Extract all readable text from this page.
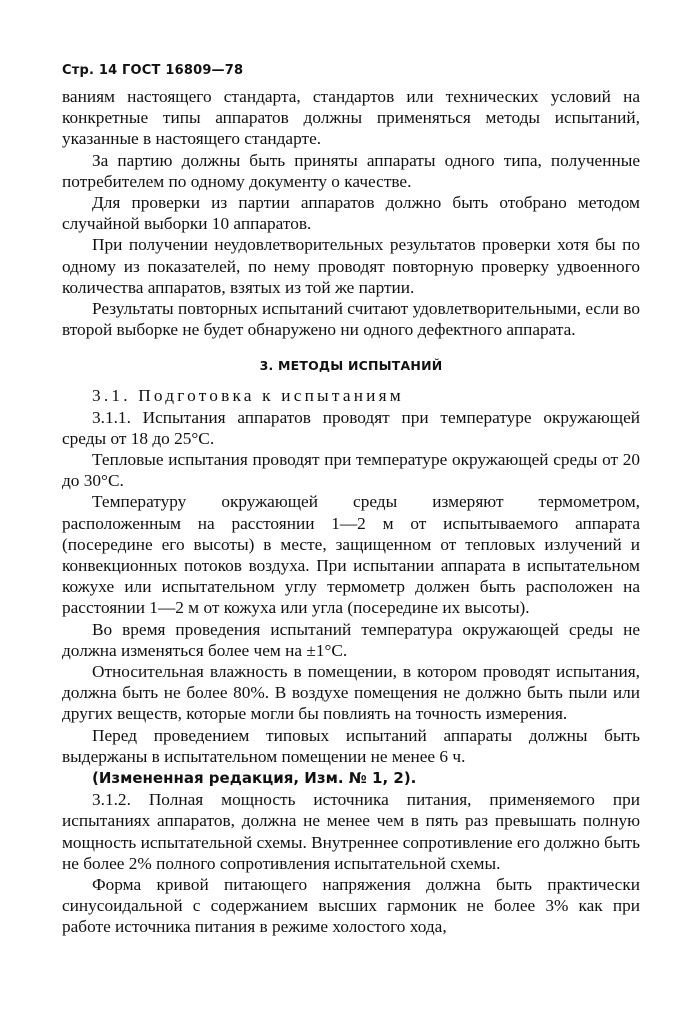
Стр. 14 ГОСТ 16809—78

ваниям настоящего стандарта, стандартов или технических условий на конкретные типы аппаратов должны применяться методы испытаний, указанные в настоящего стандарте.

За партию должны быть приняты аппараты одного типа, полученные потребителем по одному документу о качестве.

Для проверки из партии аппаратов должно быть отобрано методом случайной выборки 10 аппаратов.

При получении неудовлетворительных результатов проверки хотя бы по одному из показателей, по нему проводят повторную проверку удвоенного количества аппаратов, взятых из той же партии.

Результаты повторных испытаний считают удовлетворительными, если во второй выборке не будет обнаружено ни одного дефектного аппарата.

3. МЕТОДЫ ИСПЫТАНИЙ

3.1. Подготовка к испытаниям

3.1.1. Испытания аппаратов проводят при температуре окружающей среды от 18 до 25°С.

Тепловые испытания проводят при температуре окружающей среды от 20 до 30°С.

Температуру окружающей среды измеряют термометром, расположенным на расстоянии 1—2 м от испытываемого аппарата (посередине его высоты) в месте, защищенном от тепловых излучений и конвекционных потоков воздуха. При испытании аппарата в испытательном кожухе или испытательном углу термометр должен быть расположен на расстоянии 1—2 м от кожуха или угла (посередине их высоты).

Во время проведения испытаний температура окружающей среды не должна изменяться более чем на ±1°С.

Относительная влажность в помещении, в котором проводят испытания, должна быть не более 80%. В воздухе помещения не должно быть пыли или других веществ, которые могли бы повлиять на точность измерения.

Перед проведением типовых испытаний аппараты должны быть выдержаны в испытательном помещении не менее 6 ч.

(Измененная редакция, Изм. № 1, 2).

3.1.2. Полная мощность источника питания, применяемого при испытаниях аппаратов, должна не менее чем в пять раз превышать полную мощность испытательной схемы. Внутреннее сопротивление его должно быть не более 2% полного сопротивления испытательной схемы.

Форма кривой питающего напряжения должна быть практически синусоидальной с содержанием высших гармоник не более 3% как при работе источника питания в режиме холостого хода,
